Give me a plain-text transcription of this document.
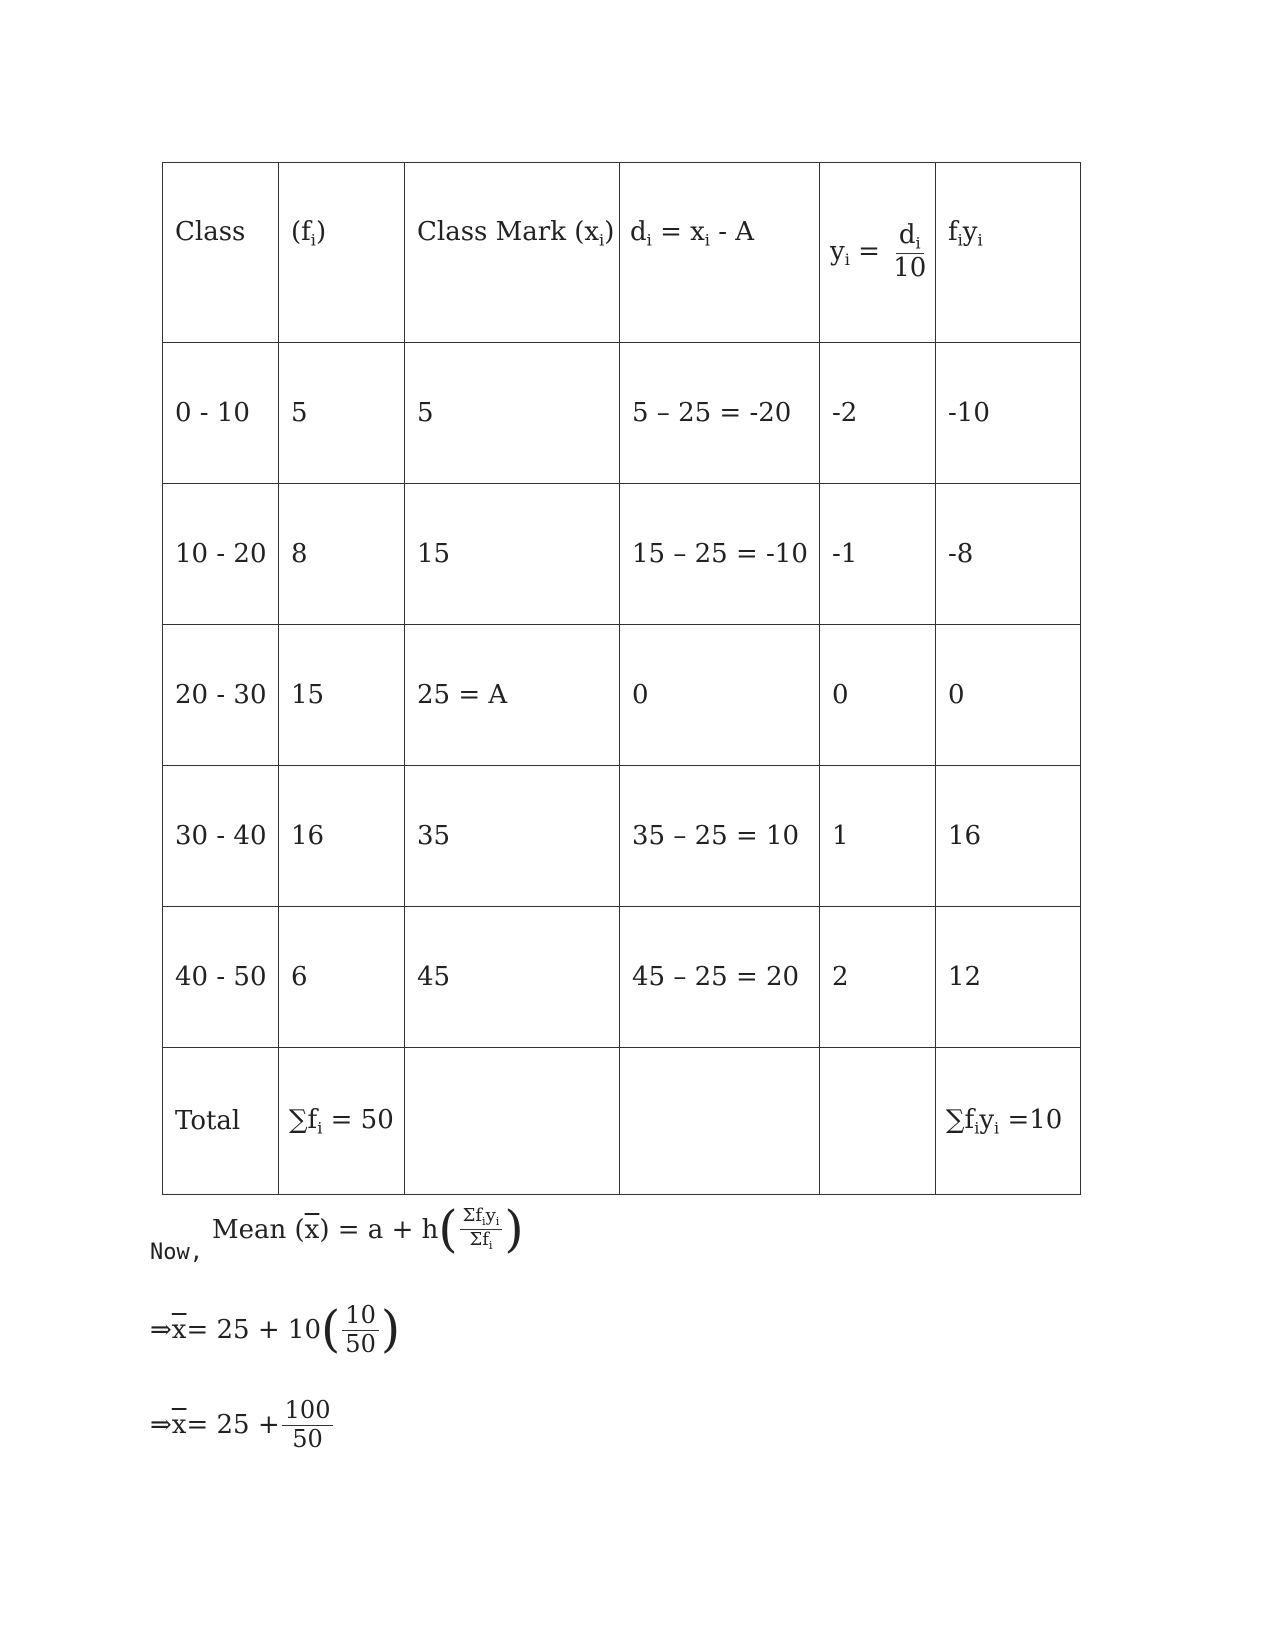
Class	$(f_i)$	Class Mark $(x_i)$	$d_i = x_i - A$	$y_i = \frac{d_i}{10}$	$f_iy_i$
0 - 10	5	5	5 – 25 = -20	-2	-10
10 - 20	8	15	15 – 25 = -10	-1	-8
20 - 30	15	25 = A	0	0	0
30 - 40	16	35	35 – 25 = 10	1	16
40 - 50	6	45	45 – 25 = 20	2	12
Total	$\sum f_i = 50$				$\sum f_iy_i =10$
Now,
Mean ( $\overline{x}$ ) = a + h ( $\frac{\Sigma f_iy_i}{\Sigma f_i}$ )
⇒ $\overline{x} = 25 + 10$ ( $\frac{10}{50}$ )
⇒ $\overline{x} = 25 + \frac{100}{50}$
